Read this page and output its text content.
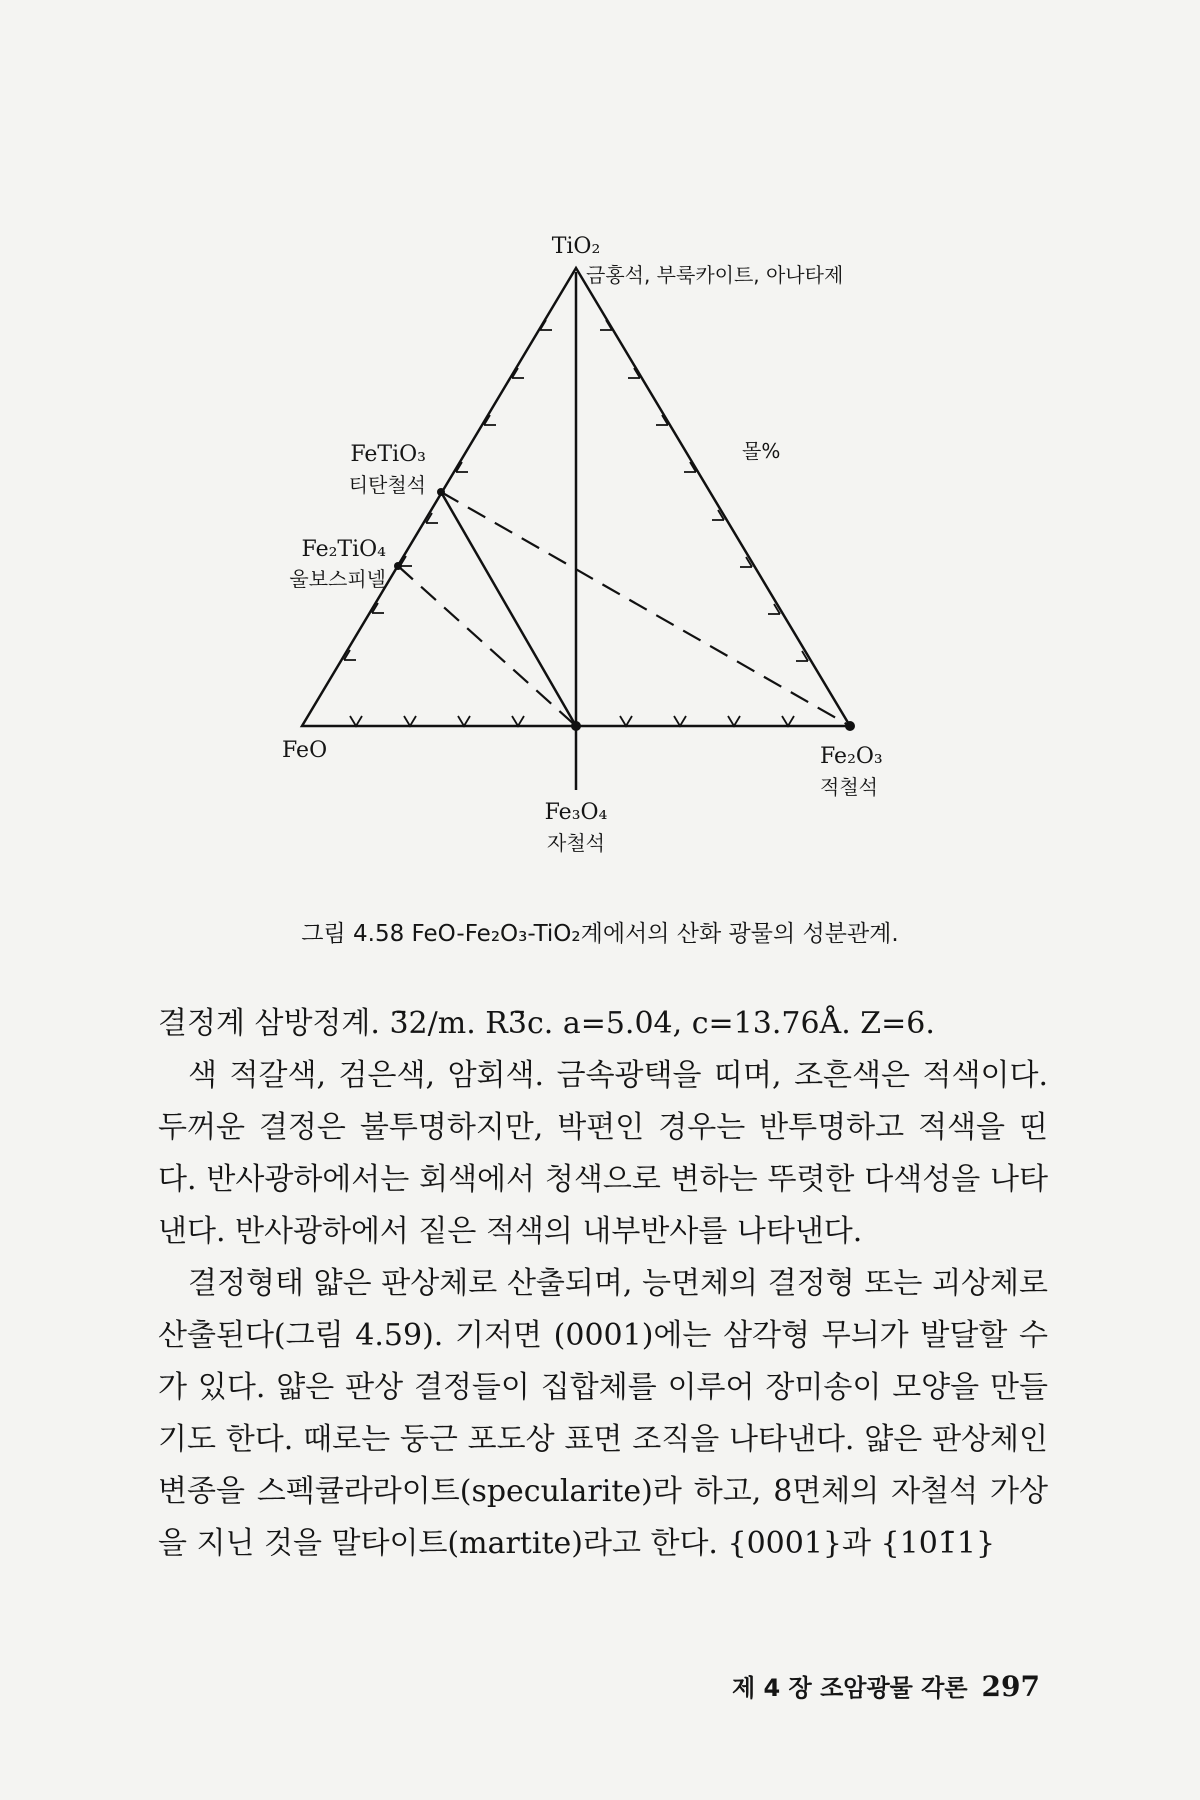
TiO₂
금홍석, 부룩카이트, 아나타제
FeTiO₃
티탄철석
Fe₂TiO₄
울보스피넬
FeO
Fe₃O₄
자철석
Fe₂O₃
적철석
몰%
그림 4.58 FeO-Fe₂O₃-TiO₂계에서의 산화 광물의 성분관계.

결정계 삼방정계. 3̄2/m. R3̄c. a=5.04, c=13.76Å. Z=6.

색 적갈색, 검은색, 암회색. 금속광택을 띠며, 조흔색은 적색이다. 두꺼운 결정은 불투명하지만, 박편인 경우는 반투명하고 적색을 띤다. 반사광하에서는 회색에서 청색으로 변하는 뚜렷한 다색성을 나타낸다. 반사광하에서 짙은 적색의 내부반사를 나타낸다.

결정형태 얇은 판상체로 산출되며, 능면체의 결정형 또는 괴상체로 산출된다(그림 4.59). 기저면 (0001)에는 삼각형 무늬가 발달할 수가 있다. 얇은 판상 결정들이 집합체를 이루어 장미송이 모양을 만들기도 한다. 때로는 둥근 포도상 표면 조직을 나타낸다. 얇은 판상체인 변종을 스펙큘라라이트(specularite)라 하고, 8면체의 자철석 가상을 지닌 것을 말타이트(martite)라고 한다. {0001}과 {101̄1}

제 4 장 조암광물 각론 297
